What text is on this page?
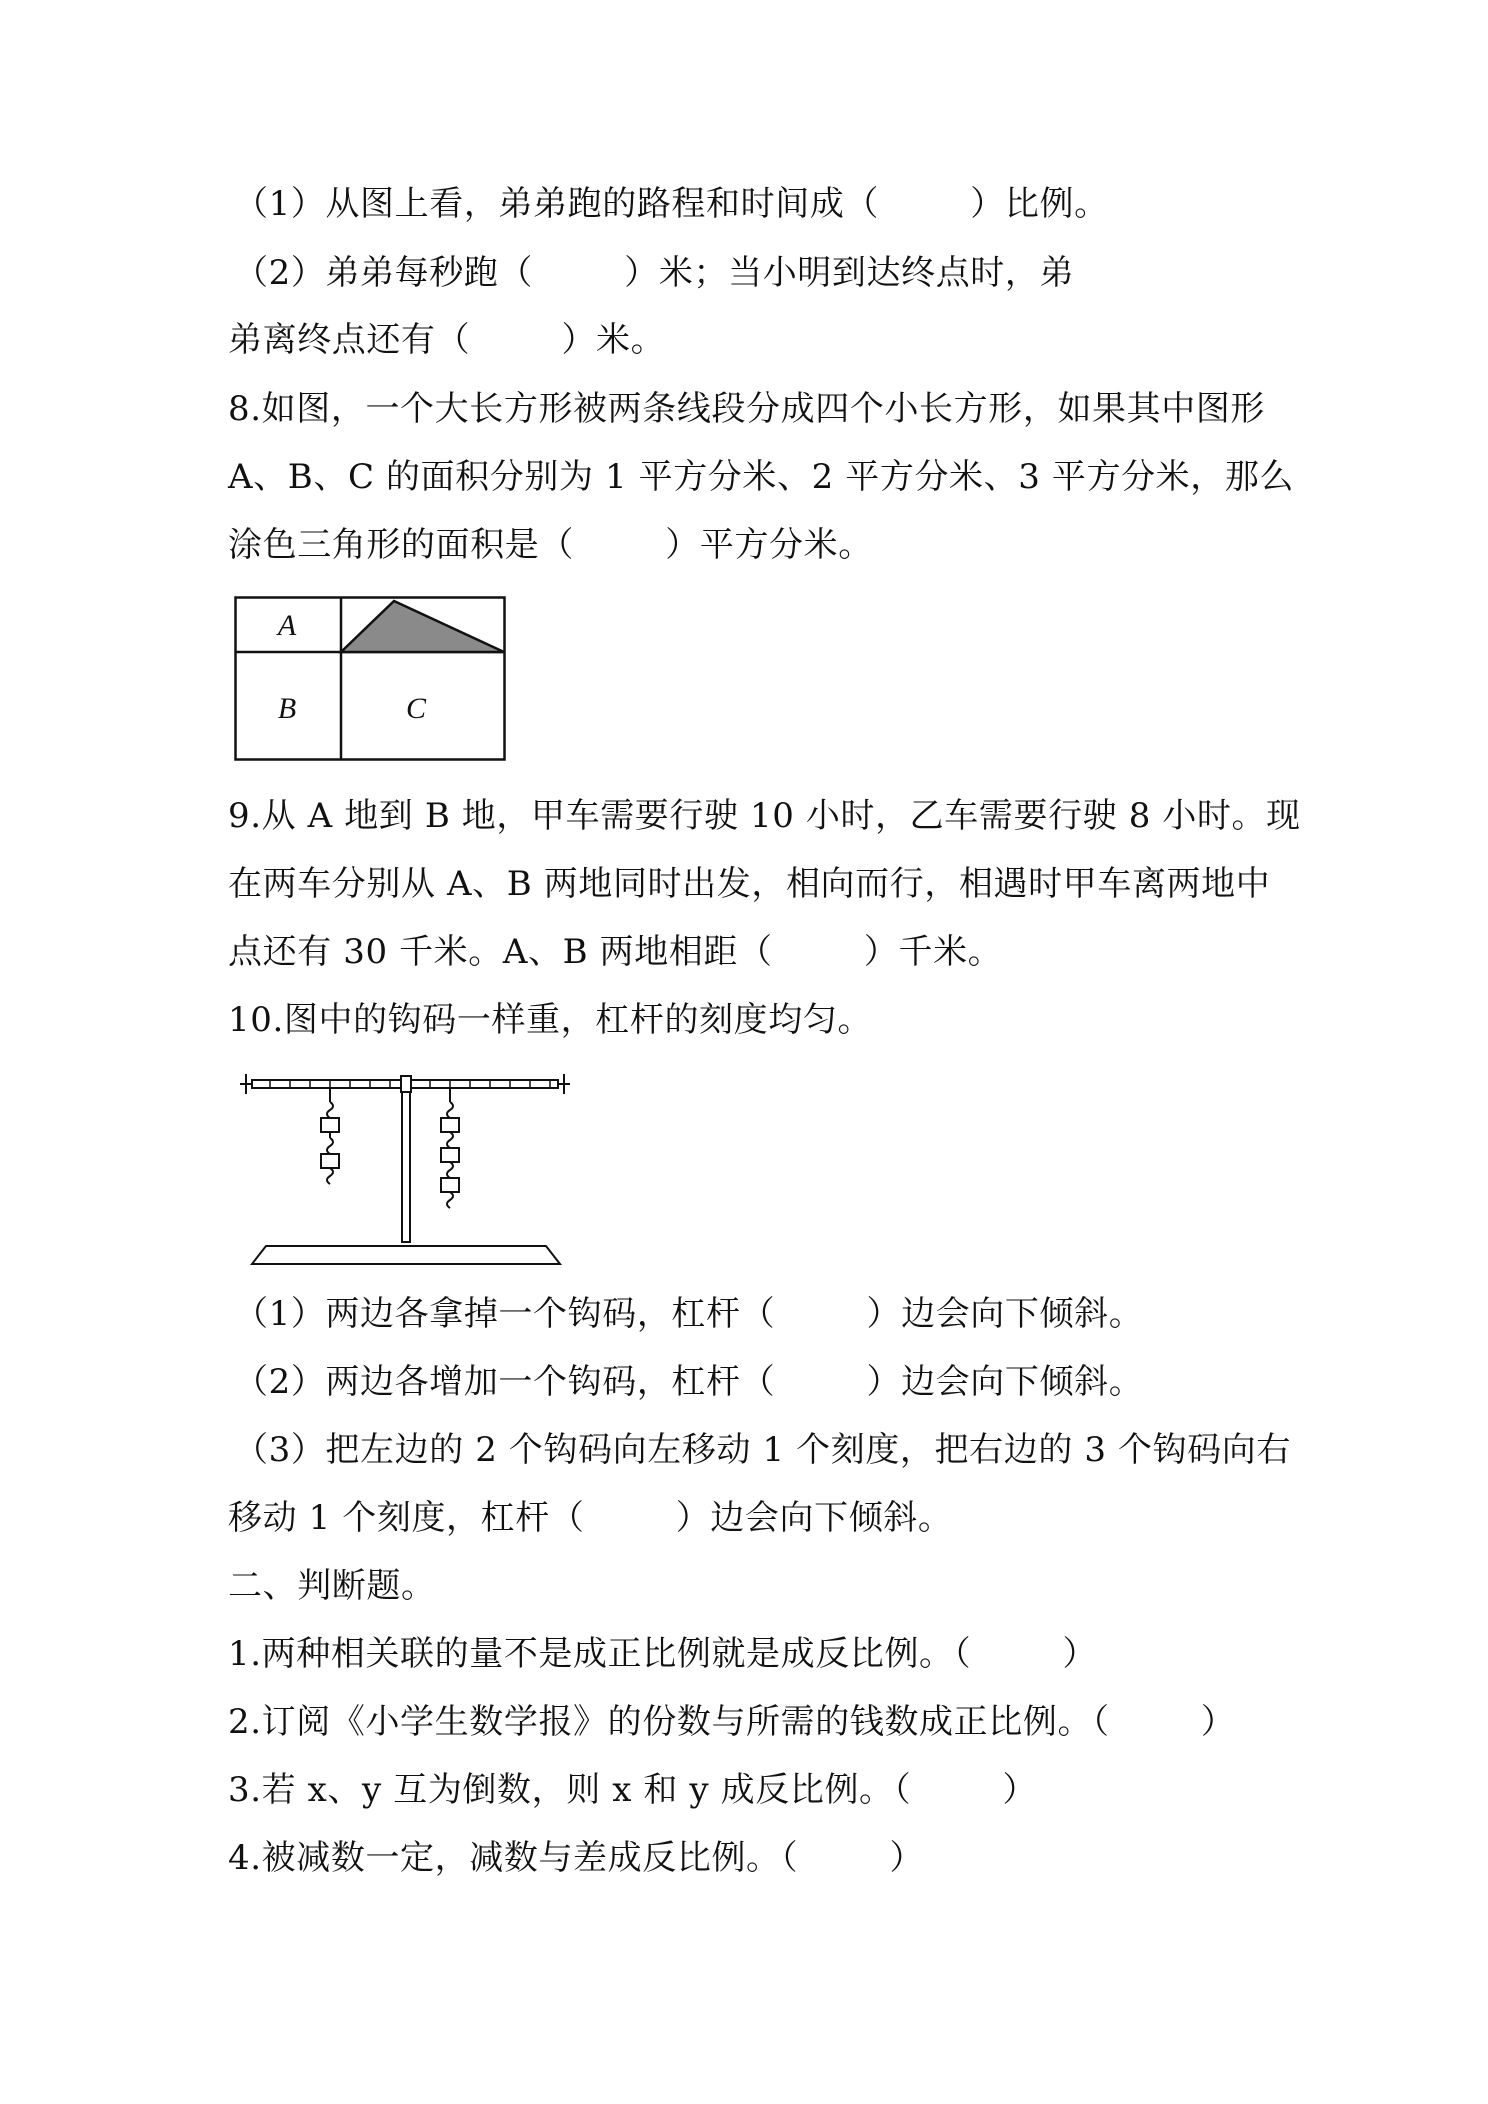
（1）从图上看，弟弟跑的路程和时间成（        ）比例。
（2）弟弟每秒跑（        ）米；当小明到达终点时，弟
弟离终点还有（        ）米。
8.如图，一个大长方形被两条线段分成四个小长方形，如果其中图形
A、B、C 的面积分别为 1 平方分米、2 平方分米、3 平方分米，那么
涂色三角形的面积是（        ）平方分米。
A
B	C
9.从 A 地到 B 地，甲车需要行驶 10 小时，乙车需要行驶 8 小时。现
在两车分别从 A、B 两地同时出发，相向而行，相遇时甲车离两地中
点还有 30 千米。A、B 两地相距（        ）千米。
10.图中的钩码一样重，杠杆的刻度均匀。
（1）两边各拿掉一个钩码，杠杆（        ）边会向下倾斜。
（2）两边各增加一个钩码，杠杆（        ）边会向下倾斜。
（3）把左边的 2 个钩码向左移动 1 个刻度，把右边的 3 个钩码向右
移动 1 个刻度，杠杆（        ）边会向下倾斜。
二、判断题。
1.两种相关联的量不是成正比例就是成反比例。（        ）
2.订阅《小学生数学报》的份数与所需的钱数成正比例。（        ）
3.若 x、y 互为倒数，则 x 和 y 成反比例。（        ）
4.被减数一定，减数与差成反比例。（        ）
